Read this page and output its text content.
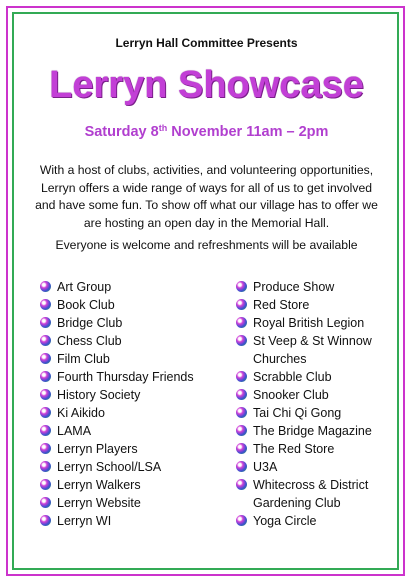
Lerryn Hall Committee Presents
Lerryn Showcase
Saturday 8th November 11am – 2pm
With a host of clubs, activities, and volunteering opportunities, Lerryn offers a wide range of ways for all of us to get involved and have some fun. To show off what our village has to offer we are hosting an open day in the Memorial Hall.
Everyone is welcome and refreshments will be available
Art Group
Book Club
Bridge Club
Chess Club
Film Club
Fourth Thursday Friends
History Society
Ki Aikido
LAMA
Lerryn Players
Lerryn School/LSA
Lerryn Walkers
Lerryn Website
Lerryn WI
Produce Show
Red Store
Royal British Legion
St Veep & St Winnow Churches
Scrabble Club
Snooker Club
Tai Chi Qi Gong
The Bridge Magazine
The Red Store
U3A
Whitecross & District Gardening Club
Yoga Circle
